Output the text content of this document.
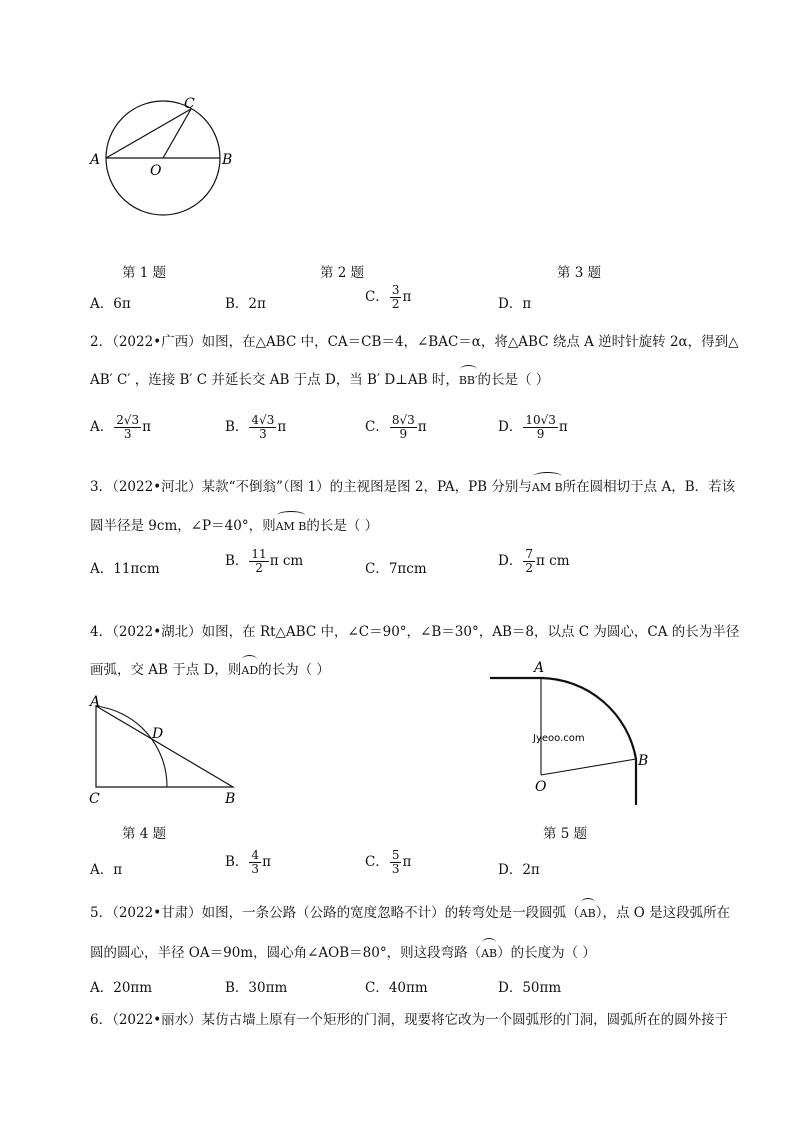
A	B
C
O
第 1 题	第 2 题	第 3 题
A．6π	B．2π	C． $\frac{3}{2}$ π	D．π
2．（2022•广西）如图，在△ABC 中，CA＝CB＝4，∠BAC＝α，将△ABC 绕点 A 逆时针旋转 2α，得到△
AB′ C′ ，连接 B′ C 并延长交 AB 于点 D，当 B′ D⊥AB 时，BB′的长是（ ）
A． $\frac{2√3}{3}$ π	B． $\frac{4√3}{3}$ π	C． $\frac{8√3}{9}$ π	D． $\frac{10√3}{9}$ π
3．（2022•河北）某款“不倒翁”（图 1）的主视图是图 2，PA，PB 分别与AM B所在圆相切于点 A，B．若该
圆半径是 9cm，∠P＝40°，则AM B的长是（ ）
A．11πcm	B． $\frac{11}{2}$ π cm	C．7πcm	D． $\frac{7}{2}$ π cm
4．（2022•湖北）如图，在 Rt△ABC 中，∠C＝90°，∠B＝30°，AB＝8，以点 C 为圆心，CA 的长为半径
画弧，交 AB 于点 D，则AD的长为（ ）
A
B
C
D	Jyeoo.com
A
B
O
第 4 题	第 5 题
A．π	B． $\frac{4}{3}$ π	C． $\frac{5}{3}$ π	D．2π
5．（2022•甘肃）如图，一条公路（公路的宽度忽略不计）的转弯处是一段圆弧（AB），点 O 是这段弧所在
圆的圆心，半径 OA＝90m，圆心角∠AOB＝80°，则这段弯路（AB）的长度为（ ）
A．20πm	B．30πm	C．40πm	D．50πm
6．（2022•丽水）某仿古墙上原有一个矩形的门洞，现要将它改为一个圆弧形的门洞，圆弧所在的圆外接于
